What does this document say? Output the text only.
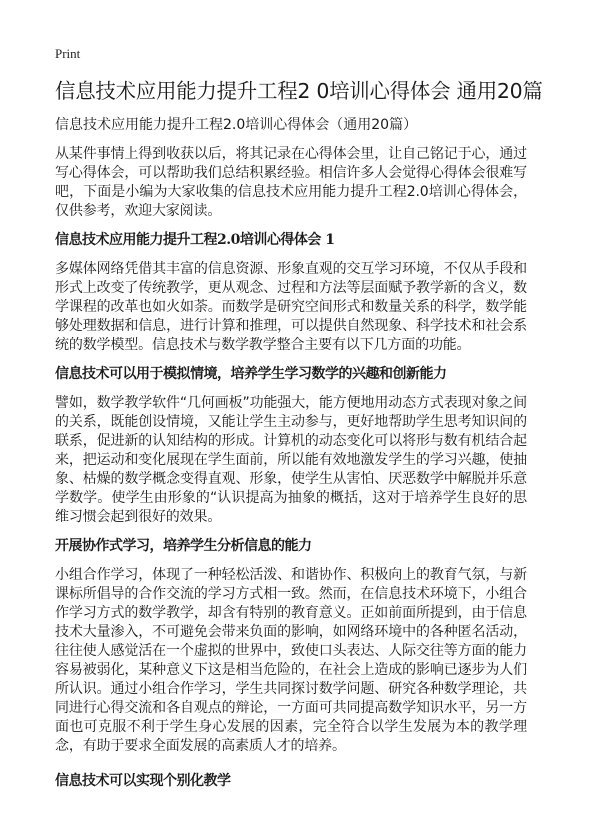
Print
信息技术应用能力提升工程2 0培训心得体会 通用20篇
信息技术应用能力提升工程2.0培训心得体会（通用20篇）

从某件事情上得到收获以后，将其记录在心得体会里，让自己铭记于心，通过写心得体会，可以帮助我们总结积累经验。相信许多人会觉得心得体会很难写吧，下面是小编为大家收集的信息技术应用能力提升工程2.0培训心得体会，仅供参考，欢迎大家阅读。

信息技术应用能力提升工程2.0培训心得体会 1

多媒体网络凭借其丰富的信息资源、形象直观的交互学习环境，不仅从手段和形式上改变了传统教学，更从观念、过程和方法等层面赋予教学新的含义，数学课程的改革也如火如荼。而数学是研究空间形式和数量关系的科学，数学能够处理数据和信息，进行计算和推理，可以提供自然现象、科学技术和社会系统的数学模型。信息技术与数学教学整合主要有以下几方面的功能。

信息技术可以用于模拟情境，培养学生学习数学的兴趣和创新能力

譬如，数学教学软件“几何画板”功能强大，能方便地用动态方式表现对象之间的关系，既能创设情境，又能让学生主动参与，更好地帮助学生思考知识间的联系，促进新的认知结构的形成。计算机的动态变化可以将形与数有机结合起来，把运动和变化展现在学生面前，所以能有效地激发学生的学习兴趣，使抽象、枯燥的数学概念变得直观、形象，使学生从害怕、厌恶数学中解脱并乐意学数学。使学生由形象的“认识提高为抽象的概括，这对于培养学生良好的思维习惯会起到很好的效果。

开展协作式学习，培养学生分析信息的能力

小组合作学习，体现了一种轻松活泼、和谐协作、积极向上的教育气氛，与新课标所倡导的合作交流的学习方式相一致。然而，在信息技术环境下，小组合作学习方式的数学教学，却含有特别的教育意义。正如前面所提到，由于信息技术大量渗入，不可避免会带来负面的影响，如网络环境中的各种匿名活动，往往使人感觉活在一个虚拟的世界中，致使口头表达、人际交往等方面的能力容易被弱化，某种意义下这是相当危险的，在社会上造成的影响已逐步为人们所认识。通过小组合作学习，学生共同探讨数学问题、研究各种数学理论，共同进行心得交流和各自观点的辩论，一方面可共同提高数学知识水平，另一方面也可克服不利于学生身心发展的因素，完全符合以学生发展为本的教学理念，有助于要求全面发展的高素质人才的培养。

信息技术可以实现个别化教学
